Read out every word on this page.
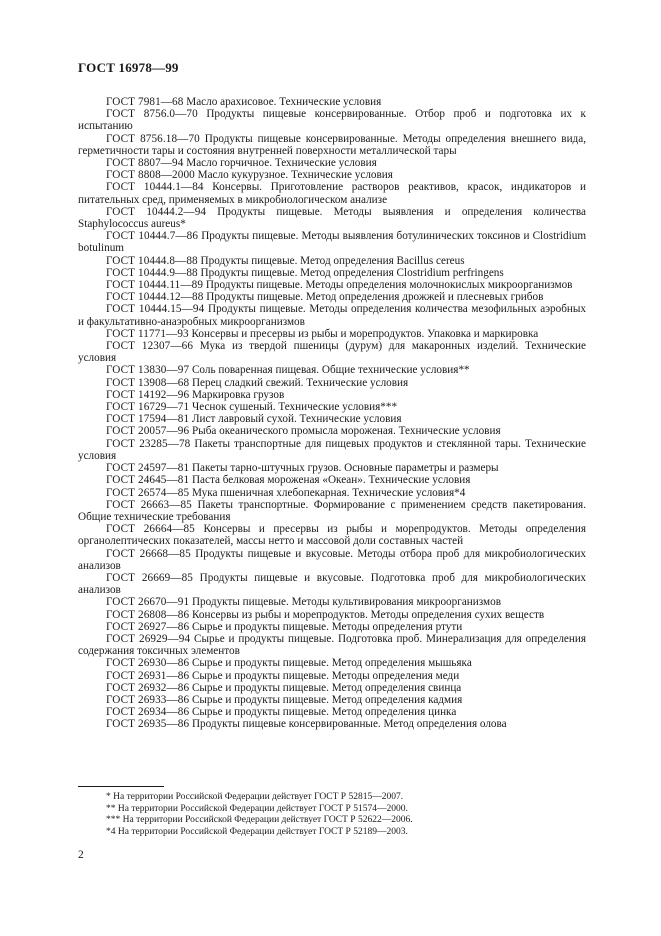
ГОСТ 16978—99
ГОСТ 7981—68 Масло арахисовое. Технические условия
ГОСТ 8756.0—70 Продукты пищевые консервированные. Отбор проб и подготовка их к испытанию
ГОСТ 8756.18—70 Продукты пищевые консервированные. Методы определения внешнего вида, герметичности тары и состояния внутренней поверхности металлической тары
ГОСТ 8807—94 Масло горчичное. Технические условия
ГОСТ 8808—2000 Масло кукурузное. Технические условия
ГОСТ 10444.1—84 Консервы. Приготовление растворов реактивов, красок, индикаторов и питательных сред, применяемых в микробиологическом анализе
ГОСТ 10444.2—94 Продукты пищевые. Методы выявления и определения количества Staphylococcus aureus*
ГОСТ 10444.7—86 Продукты пищевые. Методы выявления ботулинических токсинов и Clostridium botulinum
ГОСТ 10444.8—88 Продукты пищевые. Метод определения Bacillus cereus
ГОСТ 10444.9—88 Продукты пищевые. Метод определения Clostridium perfringens
ГОСТ 10444.11—89 Продукты пищевые. Методы определения молочнокислых микроорганизмов
ГОСТ 10444.12—88 Продукты пищевые. Метод определения дрожжей и плесневых грибов
ГОСТ 10444.15—94 Продукты пищевые. Методы определения количества мезофильных аэробных и факультативно-анаэробных микроорганизмов
ГОСТ 11771—93 Консервы и пресервы из рыбы и морепродуктов. Упаковка и маркировка
ГОСТ 12307—66 Мука из твердой пшеницы (дурум) для макаронных изделий. Технические условия
ГОСТ 13830—97 Соль поваренная пищевая. Общие технические условия**
ГОСТ 13908—68 Перец сладкий свежий. Технические условия
ГОСТ 14192—96 Маркировка грузов
ГОСТ 16729—71 Чеснок сушеный. Технические условия***
ГОСТ 17594—81 Лист лавровый сухой. Технические условия
ГОСТ 20057—96 Рыба океанического промысла мороженая. Технические условия
ГОСТ 23285—78 Пакеты транспортные для пищевых продуктов и стеклянной тары. Технические условия
ГОСТ 24597—81 Пакеты тарно-штучных грузов. Основные параметры и размеры
ГОСТ 24645—81 Паста белковая мороженая «Океан». Технические условия
ГОСТ 26574—85 Мука пшеничная хлебопекарная. Технические условия*4
ГОСТ 26663—85 Пакеты транспортные. Формирование с применением средств пакетирования. Общие технические требования
ГОСТ 26664—85 Консервы и пресервы из рыбы и морепродуктов. Методы определения органолептических показателей, массы нетто и массовой доли составных частей
ГОСТ 26668—85 Продукты пищевые и вкусовые. Методы отбора проб для микробиологических анализов
ГОСТ 26669—85 Продукты пищевые и вкусовые. Подготовка проб для микробиологических анализов
ГОСТ 26670—91 Продукты пищевые. Методы культивирования микроорганизмов
ГОСТ 26808—86 Консервы из рыбы и морепродуктов. Методы определения сухих веществ
ГОСТ 26927—86 Сырье и продукты пищевые. Методы определения ртути
ГОСТ 26929—94 Сырье и продукты пищевые. Подготовка проб. Минерализация для определения содержания токсичных элементов
ГОСТ 26930—86 Сырье и продукты пищевые. Метод определения мышьяка
ГОСТ 26931—86 Сырье и продукты пищевые. Методы определения меди
ГОСТ 26932—86 Сырье и продукты пищевые. Метод определения свинца
ГОСТ 26933—86 Сырье и продукты пищевые. Метод определения кадмия
ГОСТ 26934—86 Сырье и продукты пищевые. Метод определения цинка
ГОСТ 26935—86 Продукты пищевые консервированные. Метод определения олова
* На территории Российской Федерации действует ГОСТ Р 52815—2007.
** На территории Российской Федерации действует ГОСТ Р 51574—2000.
*** На территории Российской Федерации действует ГОСТ Р 52622—2006.
*4 На территории Российской Федерации действует ГОСТ Р 52189—2003.
2
